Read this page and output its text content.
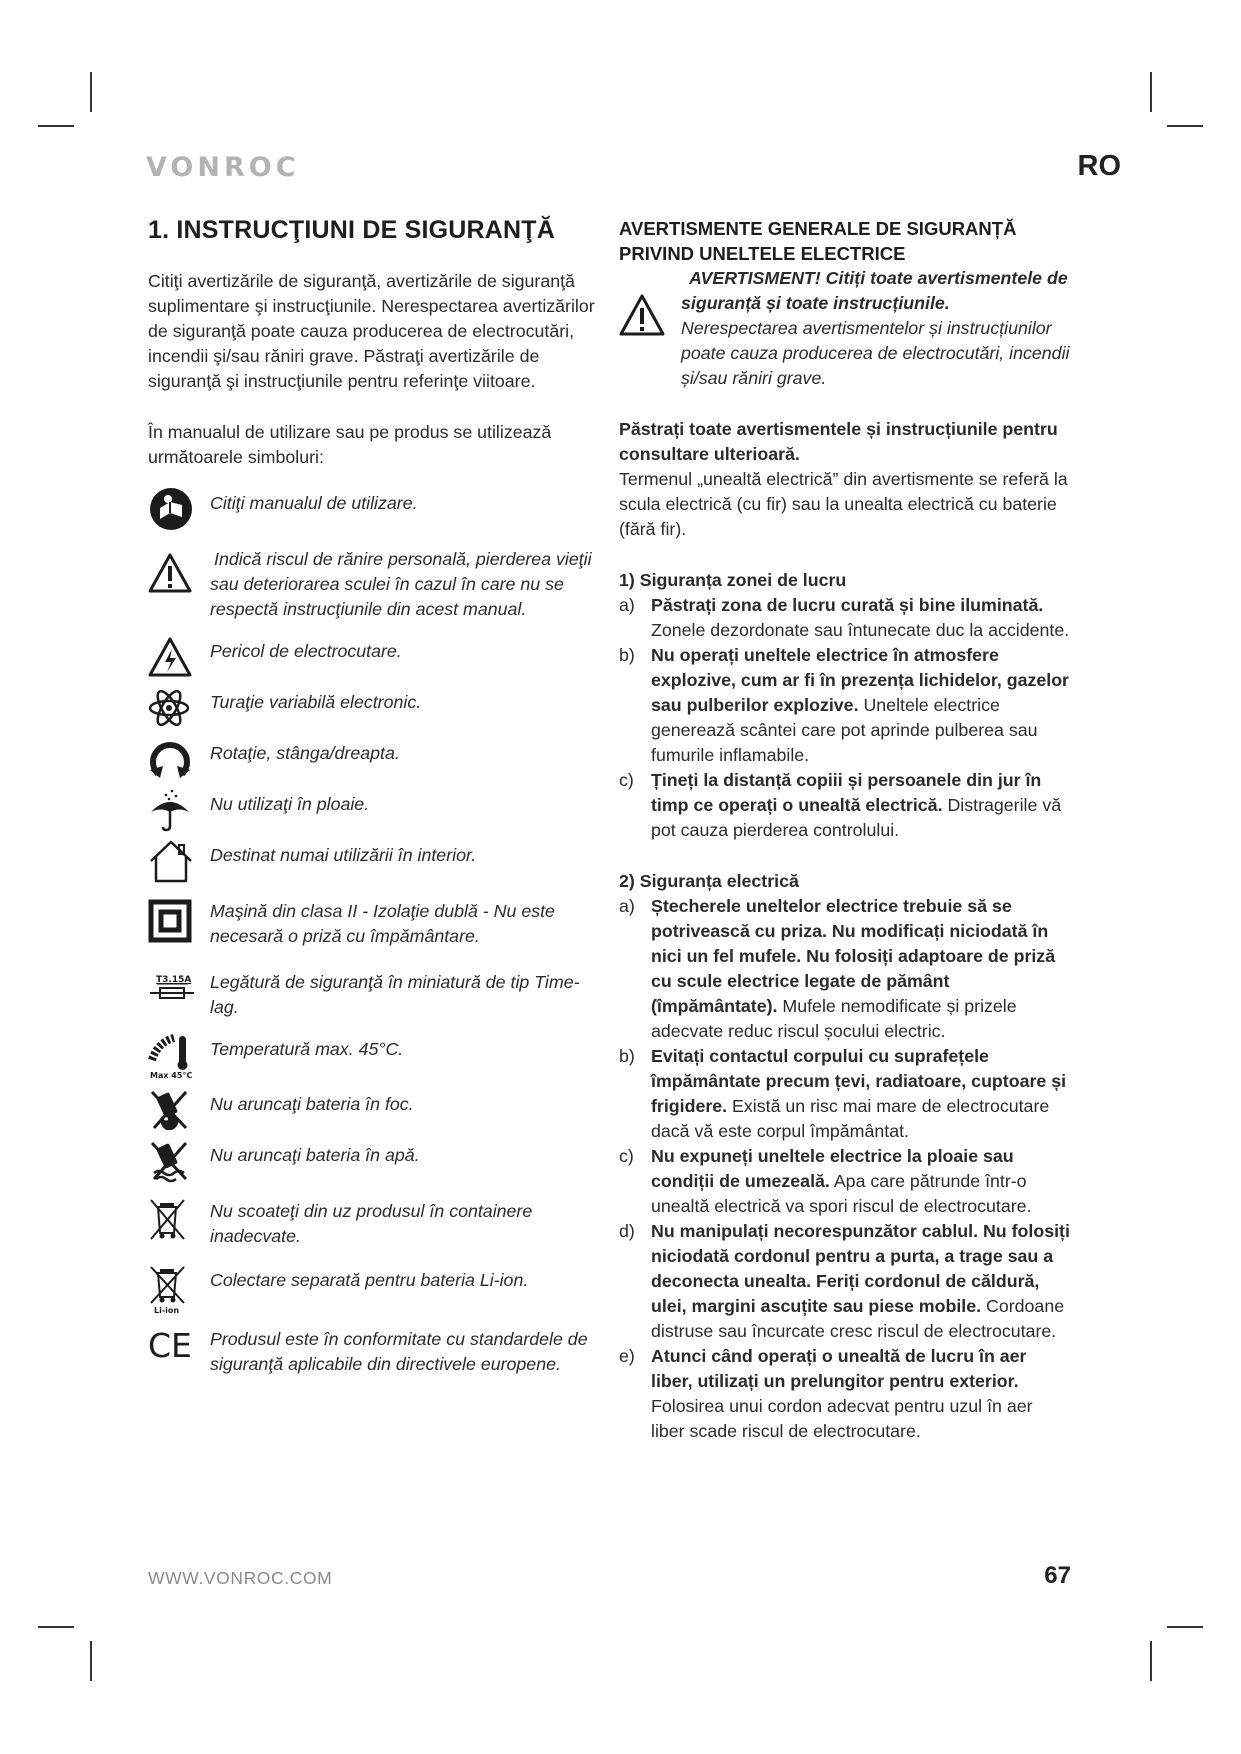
VONROC	RO
1. INSTRUCŢIUNI DE SIGURANŢĂ

Citiţi avertizările de siguranţă, avertizările de siguranţă suplimentare şi instrucţiunile. Nerespectarea avertizărilor de siguranţă poate cauza producerea de electrocutări, incendii şi/sau răniri grave. Păstraţi avertizările de siguranţă şi instrucţiunile pentru referinţe viitoare.

În manualul de utilizare sau pe produs se utilizează următoarele simboluri:

Citiţi manualul de utilizare.
Indică riscul de rănire personală, pierderea vieţii sau deteriorarea sculei în cazul în care nu se respectă instrucţiunile din acest manual.
Pericol de electrocutare.
Turaţie variabilă electronic.
Rotaţie, stânga/dreapta.
Nu utilizaţi în ploaie.
Destinat numai utilizării în interior.
Maşină din clasa II - Izolaţie dublă - Nu este necesară o priză cu împământare.
T3.15A Legătură de siguranţă în miniatură de tip Time-lag.
Max 45°C
Temperatură max. 45°C.
Nu aruncaţi bateria în foc.
Nu aruncaţi bateria în apă.
Nu scoateţi din uz produsul în containere inadecvate.
Li-ion
Colectare separată pentru bateria Li-ion.
CE Produsul este în conformitate cu standardele de siguranţă aplicabile din directivele europene.
AVERTISMENTE GENERALE DE SIGURANȚĂ
PRIVIND UNELTELE ELECTRICE

AVERTISMENT! Citiți toate avertismentele de siguranță și toate instrucțiunile.

Nerespectarea avertismentelor și instrucțiunilor poate cauza producerea de electrocutări, incendii și/sau răniri grave.

Păstrați toate avertismentele și instrucțiunile pentru consultare ulterioară.

Termenul „unealtă electrică” din avertismente se referă la scula electrică (cu fir) sau la unealta electrică cu baterie (fără fir).

1) Siguranța zonei de lucru
a) Păstrați zona de lucru curată și bine iluminată. Zonele dezordonate sau întunecate duc la accidente.
b) Nu operați uneltele electrice în atmosfere explozive, cum ar fi în prezența lichidelor, gazelor sau pulberilor explozive. Uneltele electrice generează scântei care pot aprinde pulberea sau fumurile inflamabile.
c) Țineți la distanță copiii și persoanele din jur în timp ce operați o unealtă electrică. Distragerile vă pot cauza pierderea controlului.
2) Siguranța electrică
a) Ștecherele uneltelor electrice trebuie să se potrivească cu priza. Nu modificați niciodată în nici un fel mufele. Nu folosiți adaptoare de priză cu scule electrice legate de pământ (împământate). Mufele nemodificate și prizele adecvate reduc riscul șocului electric.
b) Evitați contactul corpului cu suprafețele împământate precum țevi, radiatoare, cuptoare și frigidere. Există un risc mai mare de electrocutare dacă vă este corpul împământat.
c) Nu expuneți uneltele electrice la ploaie sau condiții de umezeală. Apa care pătrunde într-o unealtă electrică va spori riscul de electrocutare.
d) Nu manipulați necorespunzător cablul. Nu folosiți niciodată cordonul pentru a purta, a trage sau a deconecta unealta. Feriți cordonul de căldură, ulei, margini ascuțite sau piese mobile. Cordoane distruse sau încurcate cresc riscul de electrocutare.
e) Atunci când operați o unealtă de lucru în aer liber, utilizați un prelungitor pentru exterior. Folosirea unui cordon adecvat pentru uzul în aer liber scade riscul de electrocutare.
WWW.VONROC.COM	67
